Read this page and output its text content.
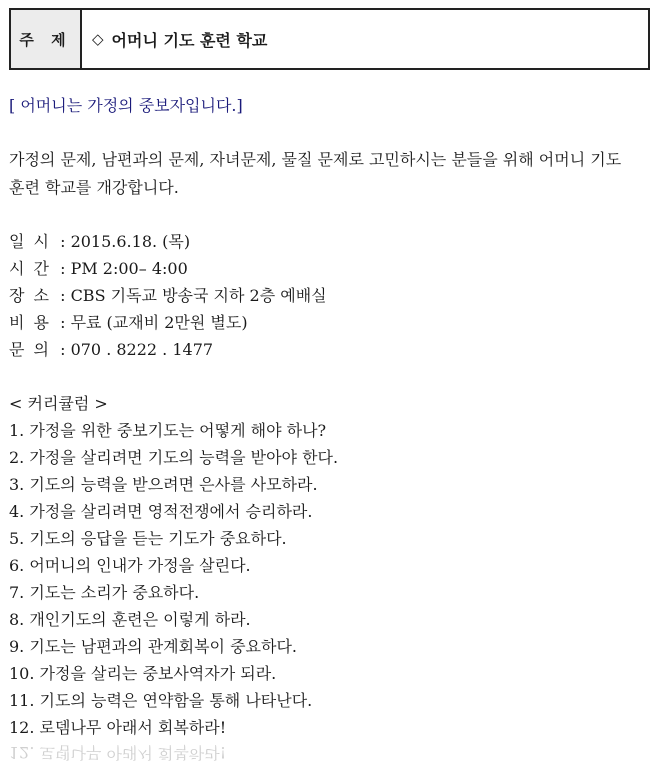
주 제	◇ 어머니 기도 훈련 학교
[ 어머니는 가정의 중보자입니다.]
가정의 문제, 남편과의 문제, 자녀문제, 물질 문제로 고민하시는 분들을 위해 어머니 기도
훈련 학교를 개강합니다.
일 시 : 2015.6.18. (목)
시 간 : PM 2:00– 4:00
장 소 : CBS 기독교 방송국 지하 2층 예배실
비 용 : 무료 (교재비 2만원 별도)
문 의 : 070 . 8222 . 1477
< 커리큘럼 >
1. 가정을 위한 중보기도는 어떻게 해야 하나?
2. 가정을 살리려면 기도의 능력을 받아야 한다.
3. 기도의 능력을 받으려면 은사를 사모하라.
4. 가정을 살리려면 영적전쟁에서 승리하라.
5. 기도의 응답을 듣는 기도가 중요하다.
6. 어머니의 인내가 가정을 살린다.
7. 기도는 소리가 중요하다.
8. 개인기도의 훈련은 이렇게 하라.
9. 기도는 남편과의 관계회복이 중요하다.
10. 가정을 살리는 중보사역자가 되라.
11. 기도의 능력은 연약함을 통해 나타난다.
12. 로뎀나무 아래서 회복하라!
12. 로뎀나무 아래서 회복하라!
